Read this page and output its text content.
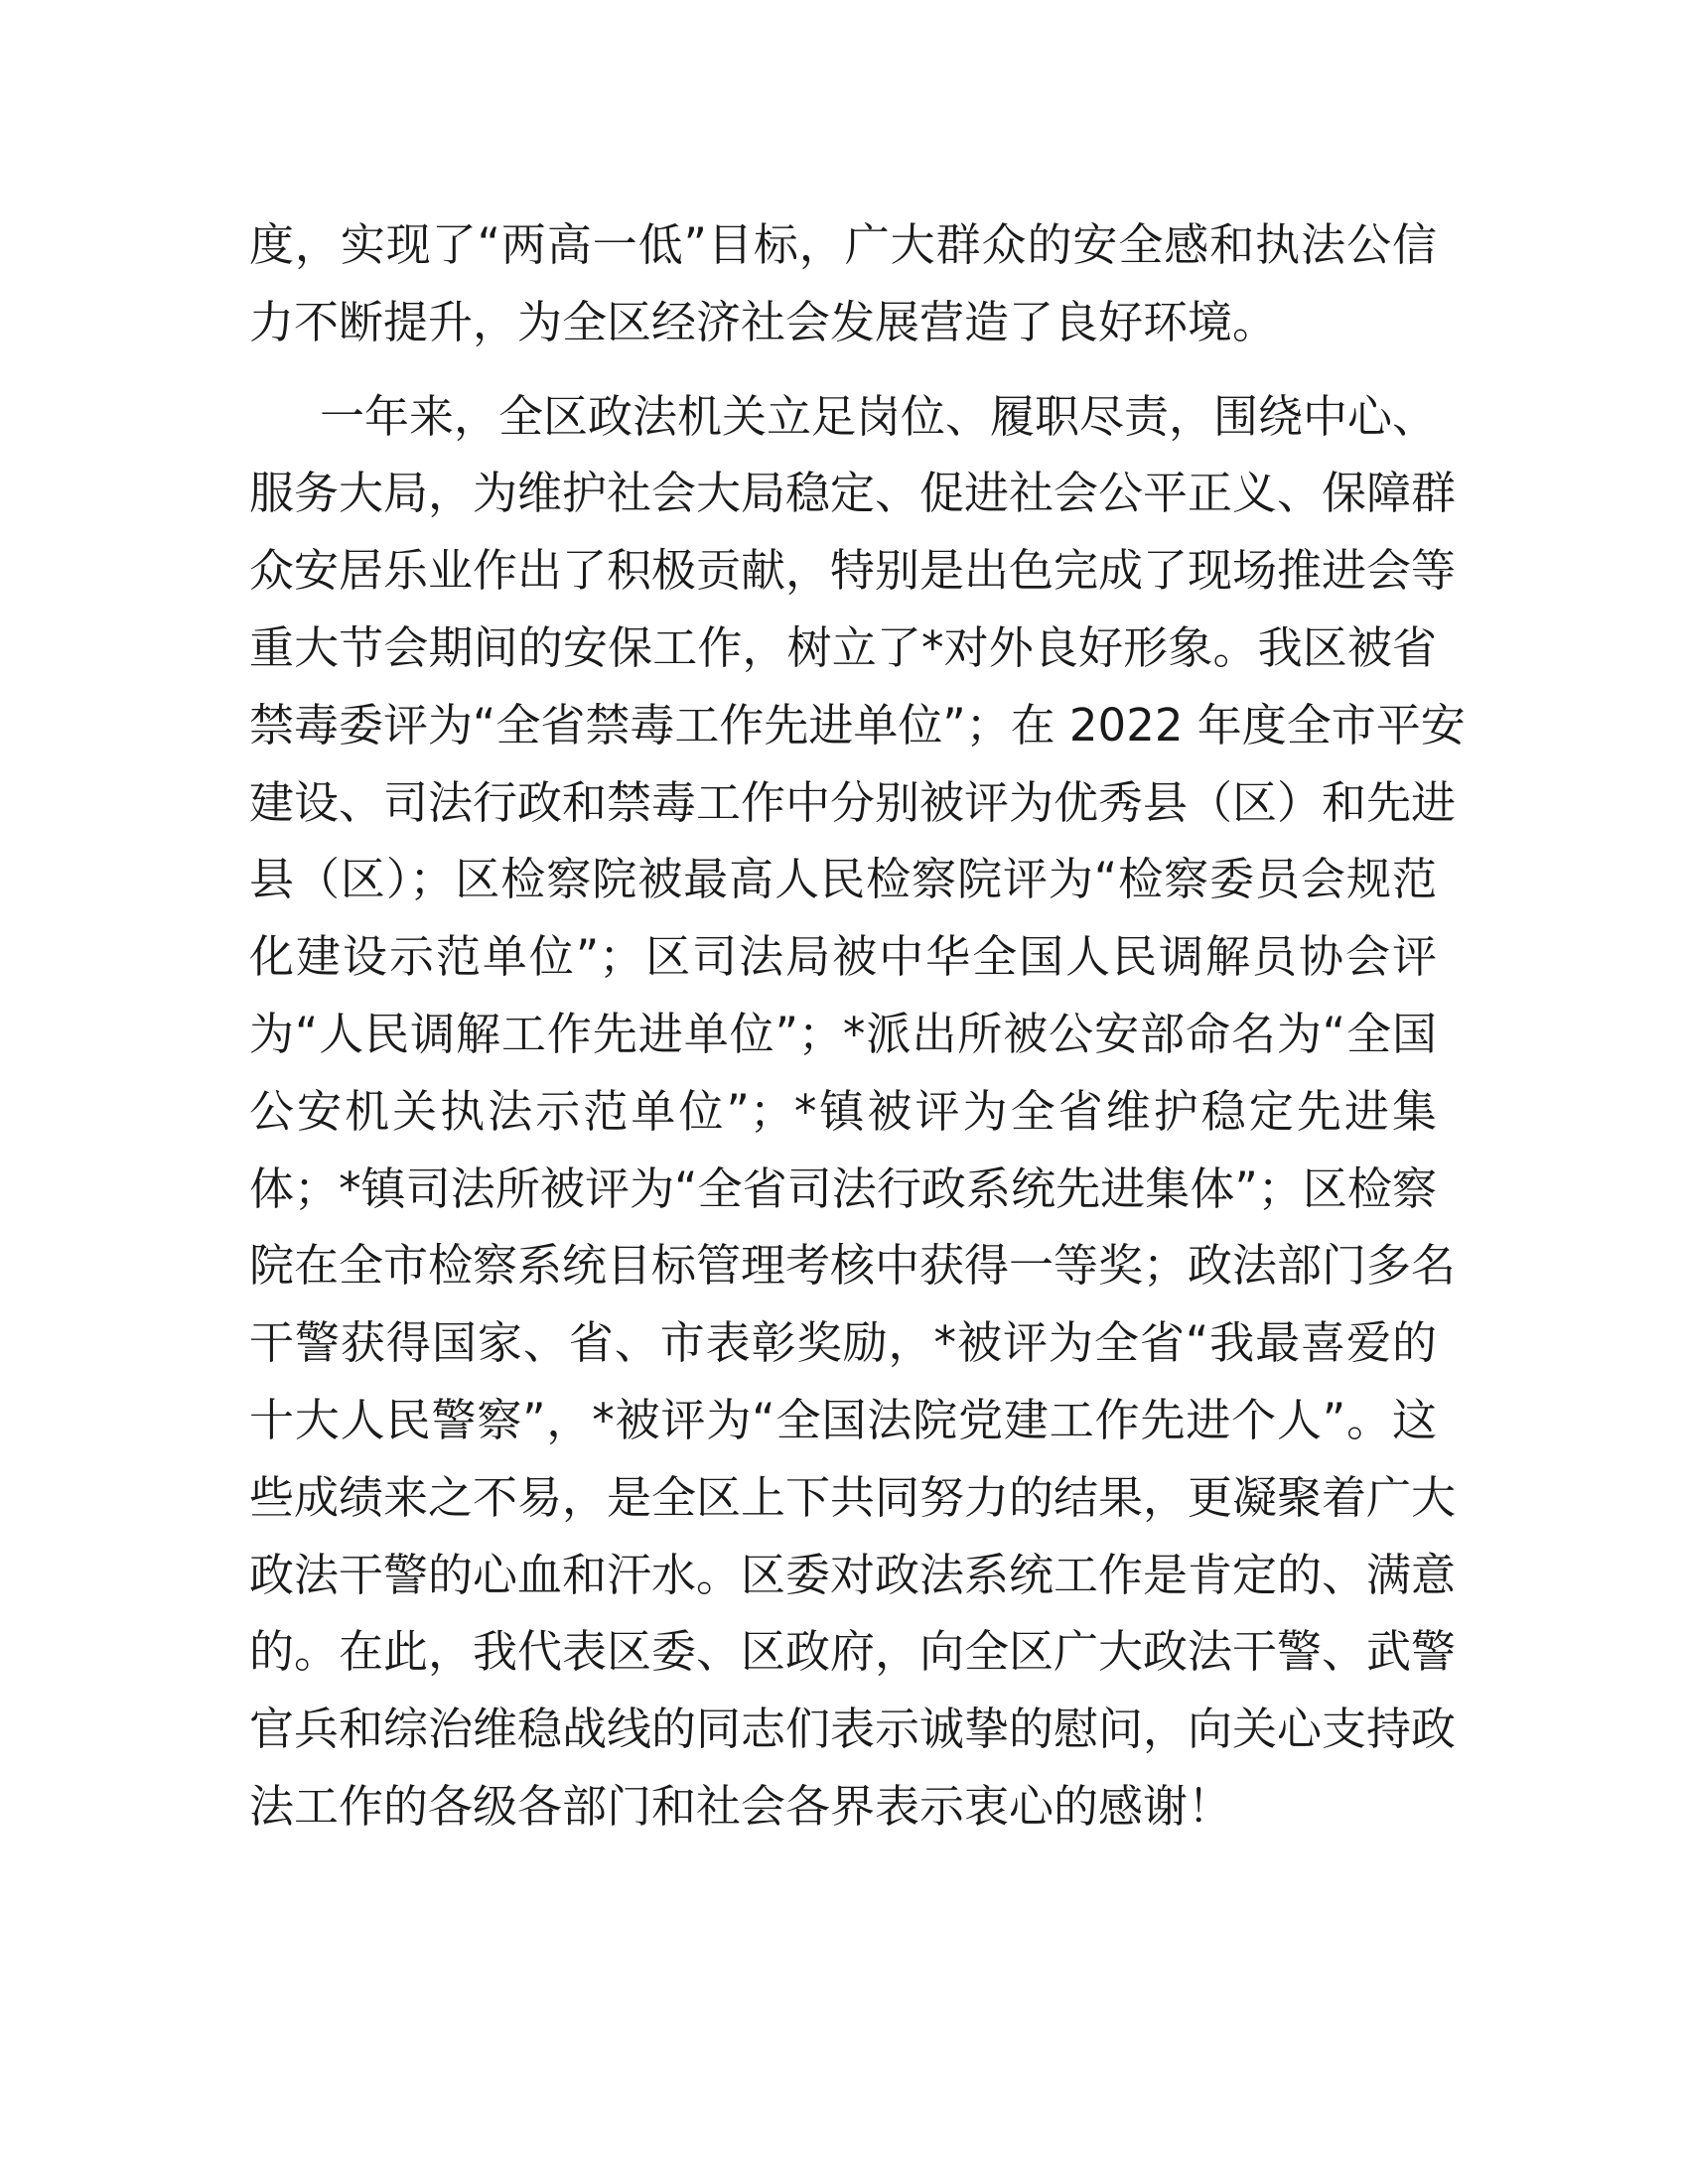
度，实现了“两高一低”目标，广大群众的安全感和执法公信
力不断提升，为全区经济社会发展营造了良好环境。
一年来，全区政法机关立足岗位、履职尽责，围绕中心、
服务大局，为维护社会大局稳定、促进社会公平正义、保障群
众安居乐业作出了积极贡献，特别是出色完成了现场推进会等
重大节会期间的安保工作，树立了*对外良好形象。我区被省
禁毒委评为“全省禁毒工作先进单位”；在 2022 年度全市平安
建设、司法行政和禁毒工作中分别被评为优秀县（区）和先进
县（区）；区检察院被最高人民检察院评为“检察委员会规范
化建设示范单位”；区司法局被中华全国人民调解员协会评
为“人民调解工作先进单位”；*派出所被公安部命名为“全国
公安机关执法示范单位”；*镇被评为全省维护稳定先进集
体；*镇司法所被评为“全省司法行政系统先进集体”；区检察
院在全市检察系统目标管理考核中获得一等奖；政法部门多名
干警获得国家、省、市表彰奖励，*被评为全省“我最喜爱的
十大人民警察”，*被评为“全国法院党建工作先进个人”。这
些成绩来之不易，是全区上下共同努力的结果，更凝聚着广大
政法干警的心血和汗水。区委对政法系统工作是肯定的、满意
的。在此，我代表区委、区政府，向全区广大政法干警、武警
官兵和综治维稳战线的同志们表示诚挚的慰问，向关心支持政
法工作的各级各部门和社会各界表示衷心的感谢！
